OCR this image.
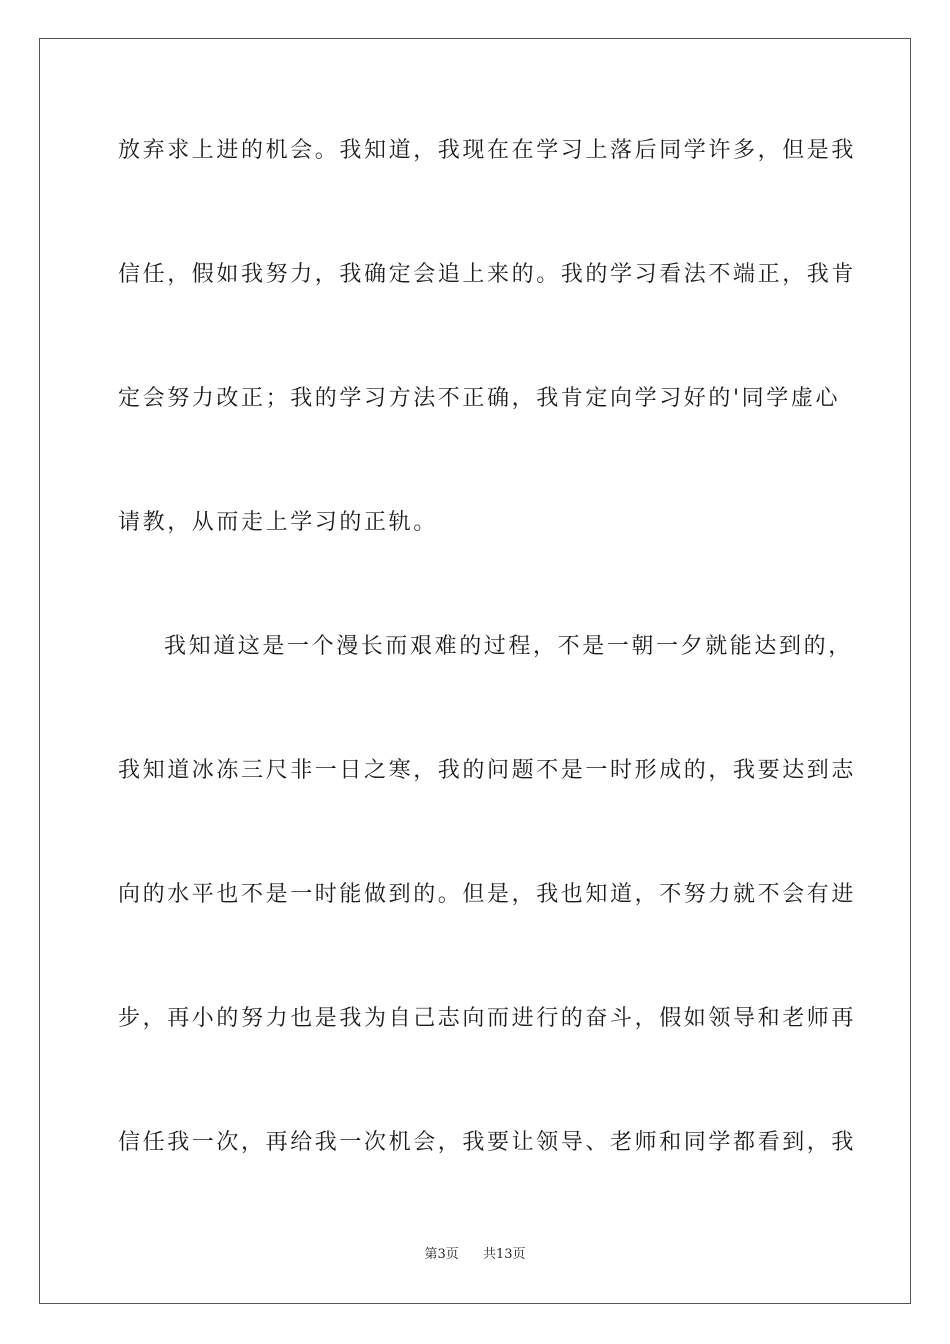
放弃求上进的机会。我知道，我现在在学习上落后同学许多，但是我
信任，假如我努力，我确定会追上来的。我的学习看法不端正，我肯
定会努力改正；我的学习方法不正确，我肯定向学习好的'同学虚心
请教，从而走上学习的正轨。
我知道这是一个漫长而艰难的过程，不是一朝一夕就能达到的，
我知道冰冻三尺非一日之寒，我的问题不是一时形成的，我要达到志
向的水平也不是一时能做到的。但是，我也知道，不努力就不会有进
步，再小的努力也是我为自己志向而进行的奋斗，假如领导和老师再
信任我一次，再给我一次机会，我要让领导、老师和同学都看到，我
第3页 共13页
